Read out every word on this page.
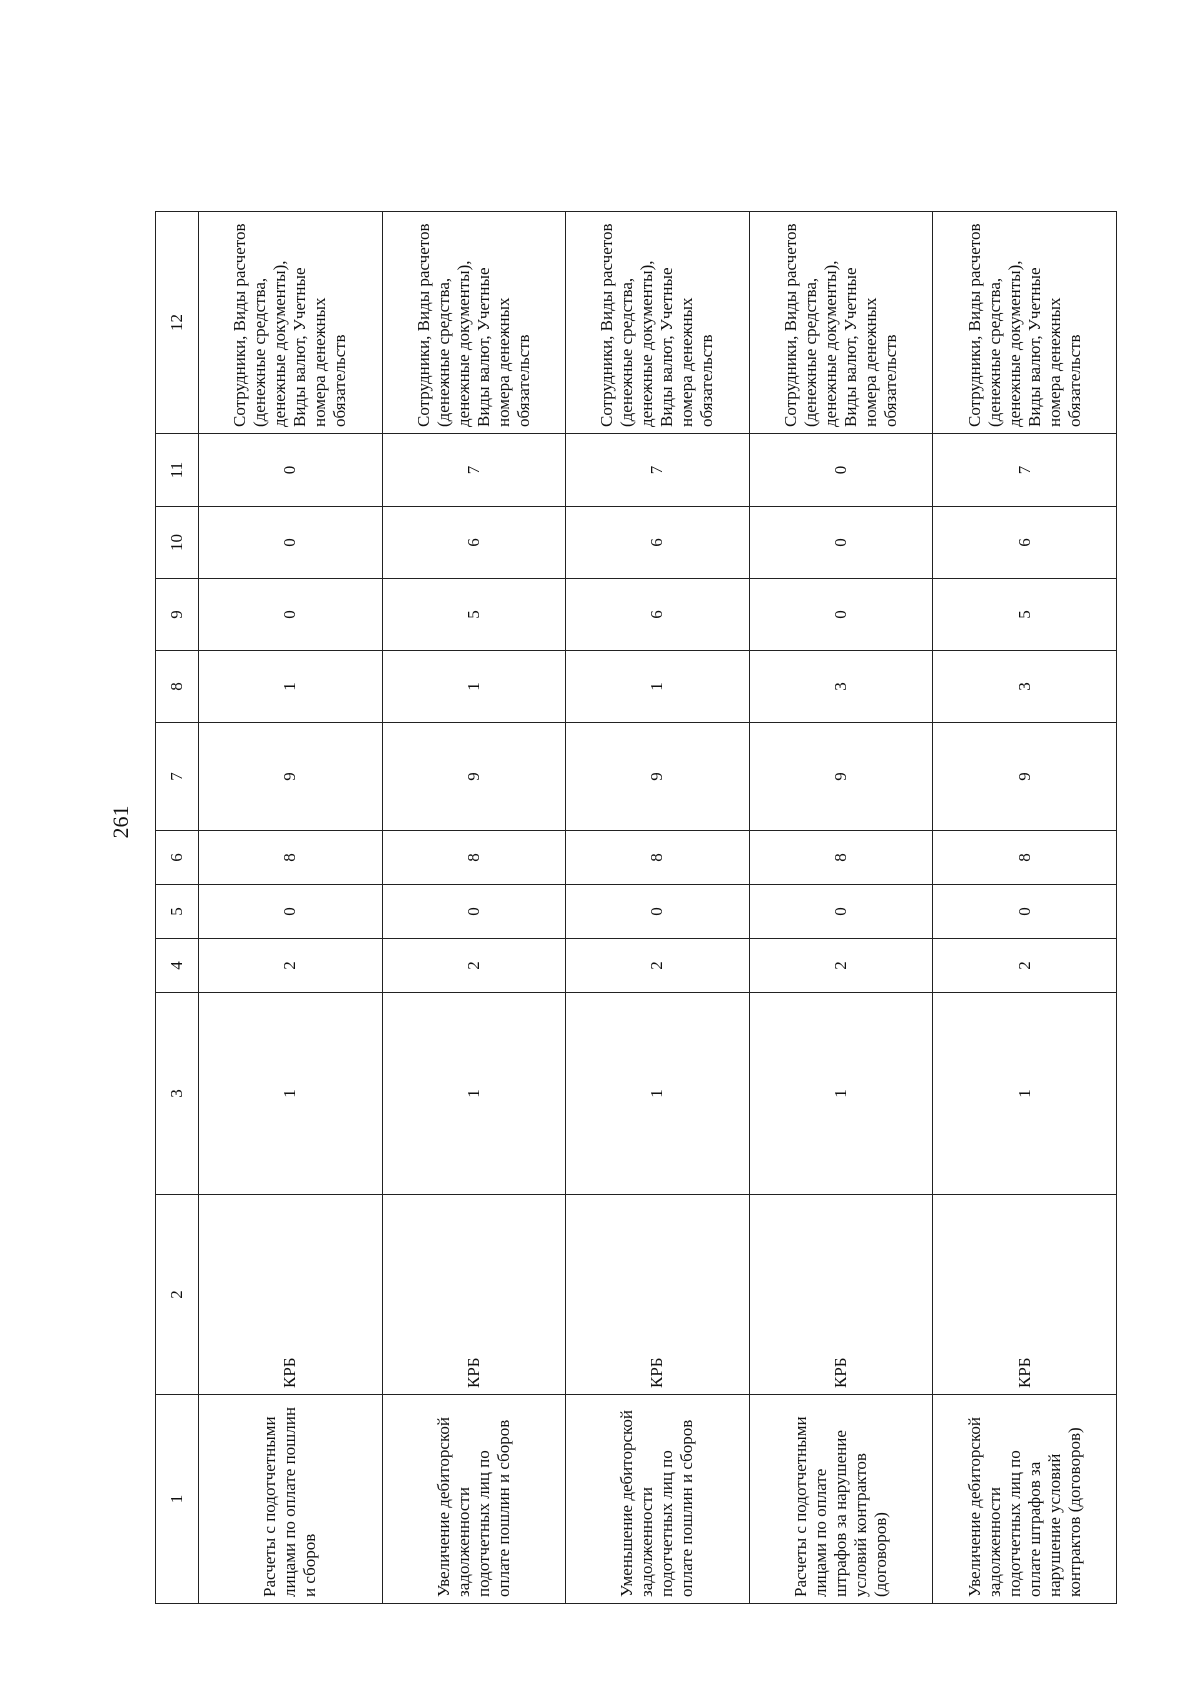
261
1	2	3	4	5	6	7	8	9	10	11	12
Расчеты с подотчетными лицами по оплате пошлин и сборов	КРБ	1	2	0	8	9	1	0	0	0	Сотрудники, Виды расчетов (денежные средства, денежные документы), Виды валют, Учетные номера денежных обязательств
Увеличение дебиторской задолженности подотчетных лиц по оплате пошлин и сборов	КРБ	1	2	0	8	9	1	5	6	7	Сотрудники, Виды расчетов (денежные средства, денежные документы), Виды валют, Учетные номера денежных обязательств
Уменьшение дебиторской задолженности подотчетных лиц по оплате пошлин и сборов	КРБ	1	2	0	8	9	1	6	6	7	Сотрудники, Виды расчетов (денежные средства, денежные документы), Виды валют, Учетные номера денежных обязательств
Расчеты с подотчетными лицами по оплате штрафов за нарушение условий контрактов (договоров)	КРБ	1	2	0	8	9	3	0	0	0	Сотрудники, Виды расчетов (денежные средства, денежные документы), Виды валют, Учетные номера денежных обязательств
Увеличение дебиторской задолженности подотчетных лиц по оплате штрафов за нарушение условий контрактов (договоров)	КРБ	1	2	0	8	9	3	5	6	7	Сотрудники, Виды расчетов (денежные средства, денежные документы), Виды валют, Учетные номера денежных обязательств
